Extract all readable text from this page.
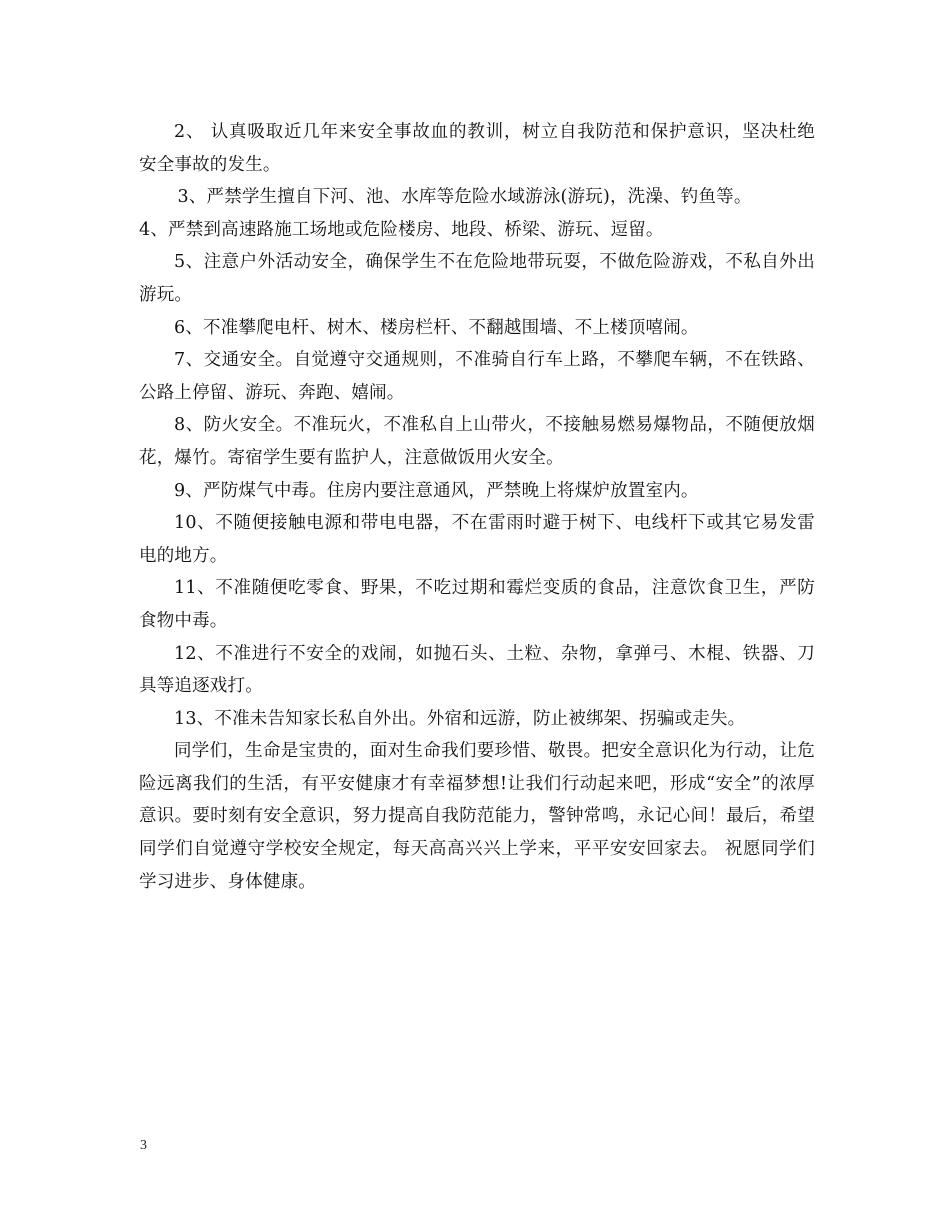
2、 认真吸取近几年来安全事故血的教训，树立自我防范和保护意识，坚决杜绝 安全事故的发生。

3、严禁学生擅自下河、池、水库等危险水域游泳(游玩)，洗澡、钓鱼等。

4、严禁到高速路施工场地或危险楼房、地段、桥梁、游玩、逗留。

5、注意户外活动安全，确保学生不在危险地带玩耍，不做危险游戏，不私自外出游玩。

6、不准攀爬电杆、树木、楼房栏杆、不翻越围墙、不上楼顶嘻闹。

7、交通安全。自觉遵守交通规则，不准骑自行车上路，不攀爬车辆，不在铁路、公路上停留、游玩、奔跑、嬉闹。

8、防火安全。不准玩火，不准私自上山带火，不接触易燃易爆物品，不随便放烟花，爆竹。寄宿学生要有监护人，注意做饭用火安全。

9、严防煤气中毒。住房内要注意通风，严禁晚上将煤炉放置室内。

10、不随便接触电源和带电电器，不在雷雨时避于树下、电线杆下或其它易发雷电的地方。

11、不准随便吃零食、野果，不吃过期和霉烂变质的食品，注意饮食卫生，严防食物中毒。

12、不准进行不安全的戏闹，如抛石头、土粒、杂物，拿弹弓、木棍、铁器、刀具等追逐戏打。

13、不准未告知家长私自外出。外宿和远游，防止被绑架、拐骗或走失。

同学们，生命是宝贵的，面对生命我们要珍惜、敬畏。把安全意识化为行动，让危险远离我们的生活，有平安健康才有幸福梦想!让我们行动起来吧，形成“安全”的浓厚意识。要时刻有安全意识，努力提高自我防范能力，警钟常鸣，永记心间！最后，希望同学们自觉遵守学校安全规定，每天高高兴兴上学来，平平安安回家去。 祝愿同学们学习进步、身体健康。

3
